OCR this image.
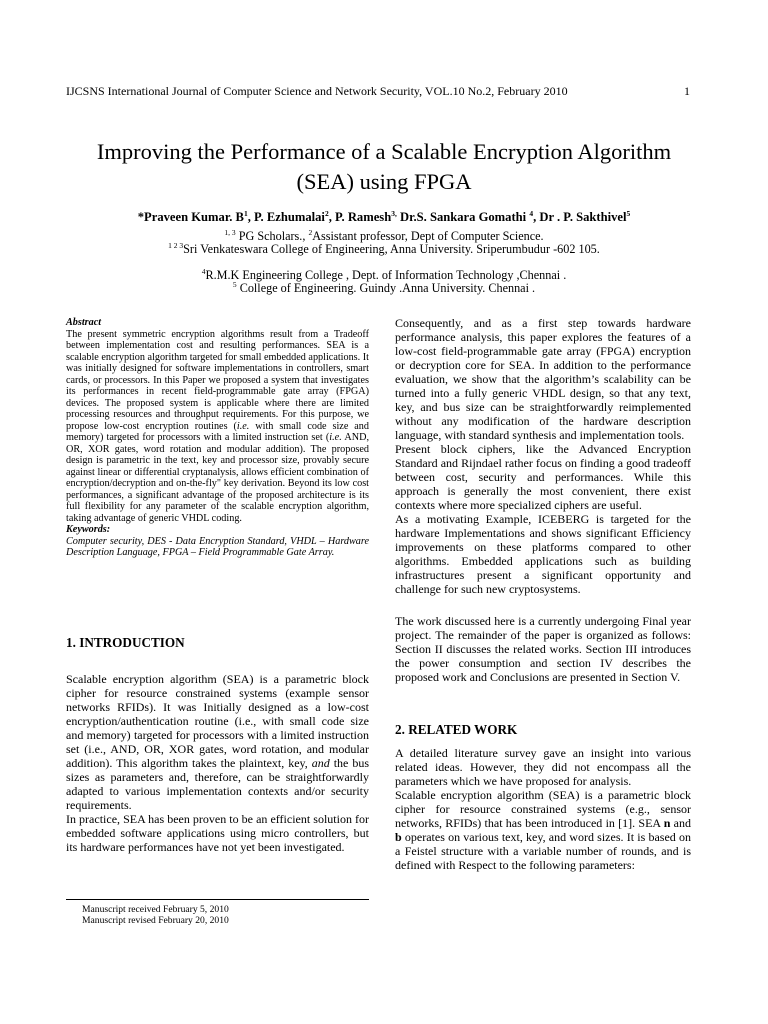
IJCSNS International Journal of Computer Science and Network Security, VOL.10 No.2, February 2010	1
Improving the Performance of a Scalable Encryption Algorithm
(SEA) using FPGA
*Praveen Kumar. $B^1$, P. Ezhumalai$^2$, P. Ramesh$^{3,}$ Dr.S. Sankara Gomathi $^4$, Dr . P. Sakthivel$^5$
$^{1, 3}$ PG Scholars., $^2$Assistant professor, Dept of Computer Science.
$^{1 2 3}$Sri Venkateswara College of Engineering, Anna University. Sriperumbudur -602 105.
$^4$R.M.K Engineering College , Dept. of Information Technology ,Chennai .
$^5$ College of Engineering. Guindy .Anna University. Chennai .
Abstract
The present symmetric encryption algorithms result from a Tradeoff between implementation cost and resulting performances. SEA is a scalable encryption algorithm targeted for small embedded applications. It was initially designed for software implementations in controllers, smart cards, or processors. In this Paper we proposed a system that investigates its performances in recent field-programmable gate array (FPGA) devices. The proposed system is applicable where there are limited processing resources and throughput requirements. For this purpose, we propose low-cost encryption routines (i.e. with small code size and memory) targeted for processors with a limited instruction set (i.e. AND, OR, XOR gates, word rotation and modular addition). The proposed design is parametric in the text, key and processor size, provably secure against linear or differential cryptanalysis, allows efficient combination of encryption/decryption and on-the-fly" key derivation. Beyond its low cost performances, a significant advantage of the proposed architecture is its full flexibility for any parameter of the scalable encryption algorithm, taking advantage of generic VHDL coding.
Keywords:
Computer security, DES - Data Encryption Standard, VHDL – Hardware Description Language, FPGA – Field Programmable Gate Array.
1. INTRODUCTION

Scalable encryption algorithm (SEA) is a parametric block cipher for resource constrained systems (example sensor networks RFIDs). It was Initially designed as a low-cost encryption/authentication routine (i.e., with small code size and memory) targeted for processors with a limited instruction set (i.e., AND, OR, XOR gates, word rotation, and modular addition). This algorithm takes the plaintext, key, and the bus sizes as parameters and, therefore, can be straightforwardly adapted to various implementation contexts and/or security requirements.

In practice, SEA has been proven to be an efficient solution for embedded software applications using micro controllers, but its hardware performances have not yet been investigated.

Consequently, and as a first step towards hardware performance analysis, this paper explores the features of a low-cost field-programmable gate array (FPGA) encryption or decryption core for SEA. In addition to the performance evaluation, we show that the algorithm’s scalability can be turned into a fully generic VHDL design, so that any text, key, and bus size can be straightforwardly reimplemented without any modification of the hardware description language, with standard synthesis and implementation tools.

Present block ciphers, like the Advanced Encryption Standard and Rijndael rather focus on finding a good tradeoff between cost, security and performances. While this approach is generally the most convenient, there exist contexts where more specialized ciphers are useful.

As a motivating Example, ICEBERG is targeted for the hardware Implementations and shows significant Efficiency improvements on these platforms compared to other algorithms. Embedded applications such as building infrastructures present a significant opportunity and challenge for such new cryptosystems.

The work discussed here is a currently undergoing Final year project. The remainder of the paper is organized as follows: Section II discusses the related works. Section III introduces the power consumption and section IV describes the proposed work and Conclusions are presented in Section V.

2. RELATED WORK

A detailed literature survey gave an insight into various related ideas. However, they did not encompass all the parameters which we have proposed for analysis.

Scalable encryption algorithm (SEA) is a parametric block cipher for resource constrained systems (e.g., sensor networks, RFIDs) that has been introduced in [1]. SEA n and b operates on various text, key, and word sizes. It is based on a Feistel structure with a variable number of rounds, and is defined with Respect to the following parameters:

Manuscript received February 5, 2010
Manuscript revised February 20, 2010
